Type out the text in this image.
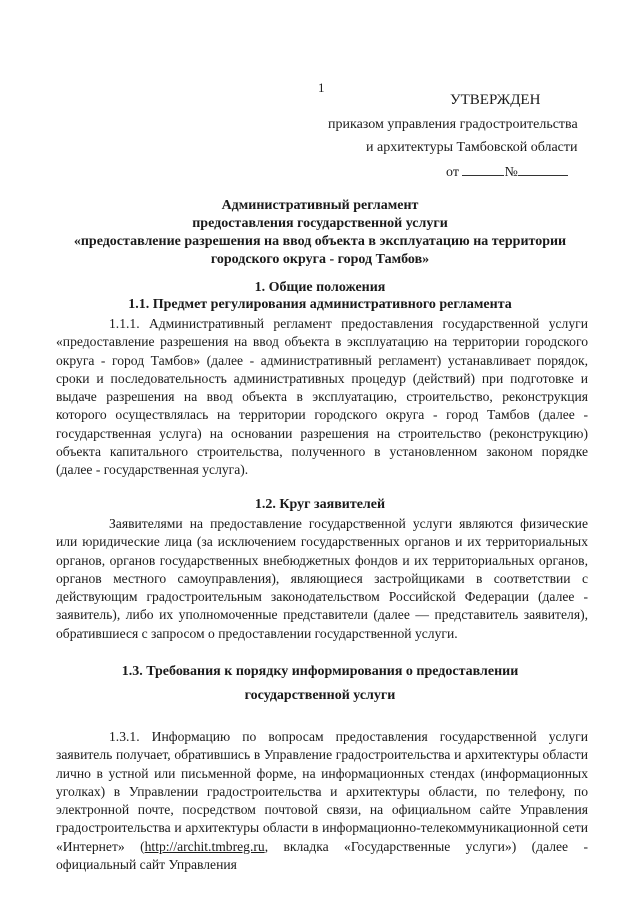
1
УТВЕРЖДЕН
приказом управления градостроительства
и архитектуры Тамбовской области
от	№
Административный регламент
предоставления государственной услуги
«предоставление разрешения на ввод объекта в эксплуатацию на территории
городского округа - город Тамбов»
1. Общие положения
1.1. Предмет регулирования административного регламента

1.1.1. Административный регламент предоставления государственной услуги «предоставление разрешения на ввод объекта в эксплуатацию на территории городского округа - город Тамбов» (далее - административный регламент) устанавливает порядок, сроки и последовательность административных процедур (действий) при подготовке и выдаче разрешения на ввод объекта в эксплуатацию, строительство, реконструкция которого осуществлялась на территории городского округа - город Тамбов (далее - государственная услуга) на основании разрешения на строительство (реконструкцию) объекта капитального строительства, полученного в установленном законом порядке (далее - государственная услуга).

1.2. Круг заявителей

Заявителями на предоставление государственной услуги являются физические или юридические лица (за исключением государственных органов и их территориальных органов, органов государственных внебюджетных фондов и их территориальных органов, органов местного самоуправления), являющиеся застройщиками в соответствии с действующим градостроительным законодательством Российской Федерации (далее - заявитель), либо их уполномоченные представители (далее — представитель заявителя), обратившиеся с запросом о предоставлении государственной услуги.

1.3. Требования к порядку информирования о предоставлении
государственной услуги

1.3.1. Информацию по вопросам предоставления государственной услуги заявитель получает, обратившись в Управление градостроительства и архитектуры области лично в устной или письменной форме, на информационных стендах (информационных уголках) в Управлении градостроительства и архитектуры области, по телефону, по электронной почте, посредством почтовой связи, на официальном сайте Управления градостроительства и архитектуры области в информационно-телекоммуникационной сети «Интернет» (http://archit.tmbreg.ru, вкладка «Государственные услуги») (далее - официальный сайт Управления
